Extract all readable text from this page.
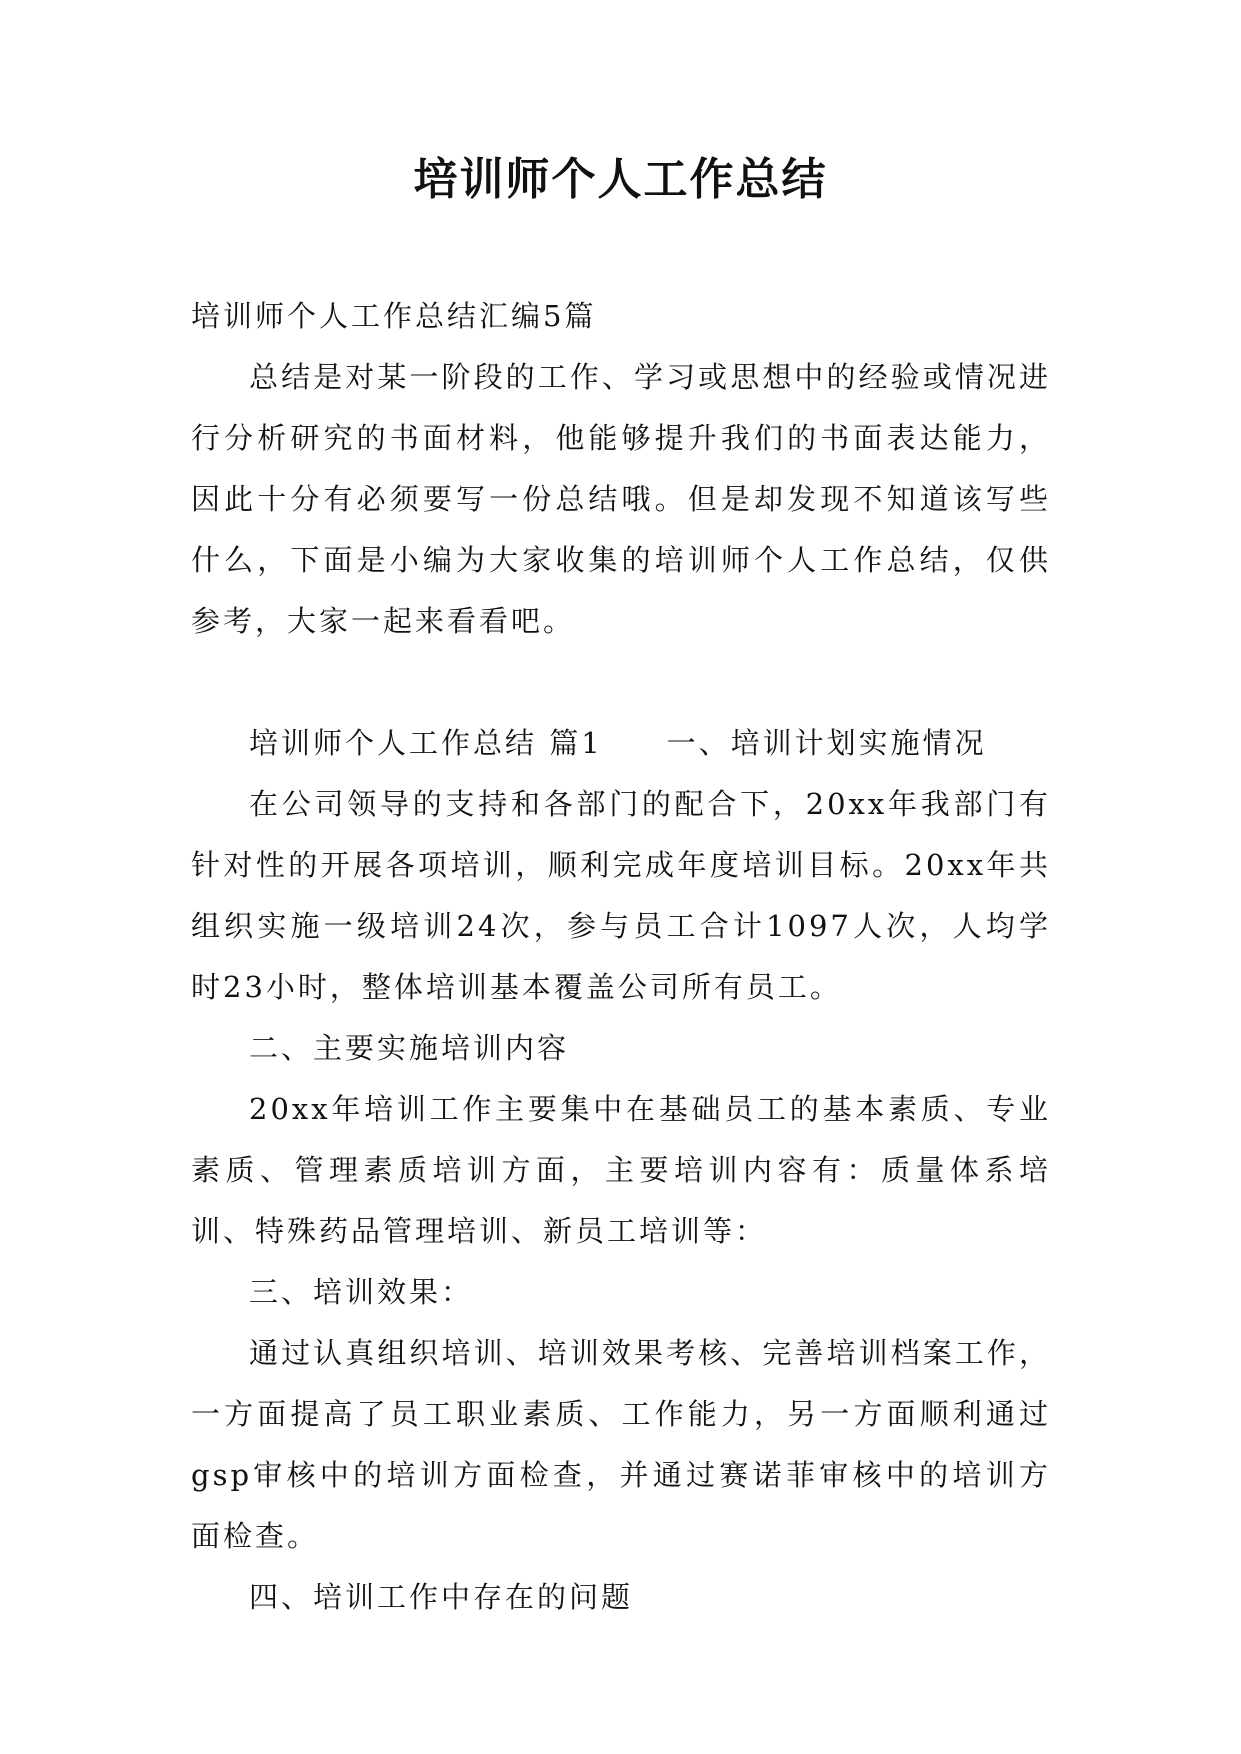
培训师个人工作总结

培训师个人工作总结汇编5篇

总结是对某一阶段的工作、学习或思想中的经验或情况进行分析研究的书面材料，他能够提升我们的书面表达能力，因此十分有必须要写一份总结哦。但是却发现不知道该写些什么，下面是小编为大家收集的培训师个人工作总结，仅供参考，大家一起来看看吧。

培训师个人工作总结 篇1　　一、培训计划实施情况

在公司领导的支持和各部门的配合下，20xx年我部门有针对性的开展各项培训，顺利完成年度培训目标。20xx年共组织实施一级培训24次，参与员工合计1097人次，人均学时23小时，整体培训基本覆盖公司所有员工。

二、主要实施培训内容

20xx年培训工作主要集中在基础员工的基本素质、专业素质、管理素质培训方面，主要培训内容有：质量体系培训、特殊药品管理培训、新员工培训等：

三、培训效果：

通过认真组织培训、培训效果考核、完善培训档案工作，一方面提高了员工职业素质、工作能力，另一方面顺利通过gsp审核中的培训方面检查，并通过赛诺菲审核中的培训方面检查。

四、培训工作中存在的问题
